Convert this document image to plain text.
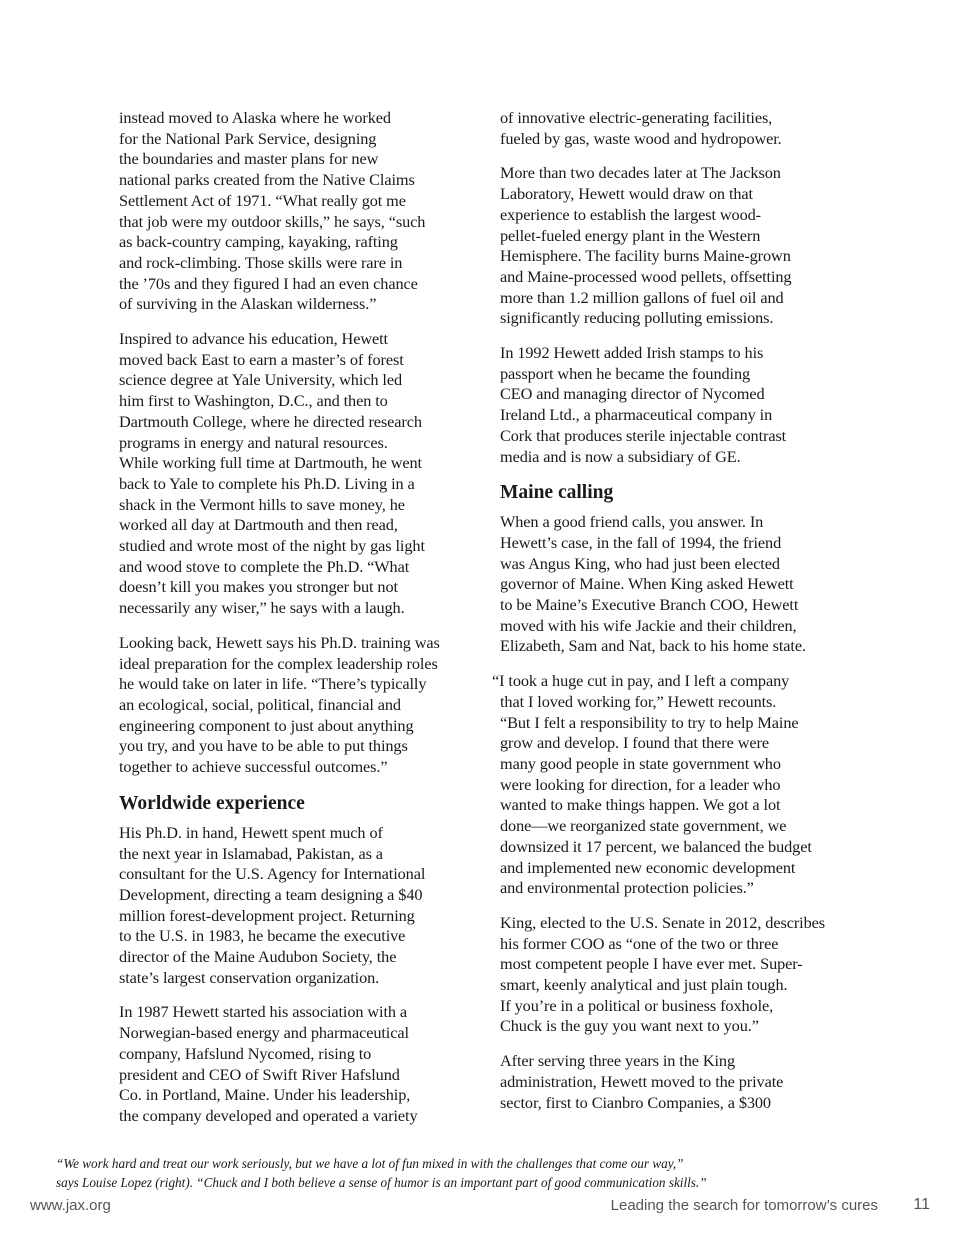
instead moved to Alaska where he worked
for the National Park Service, designing
the boundaries and master plans for new
national parks created from the Native Claims
Settlement Act of 1971. “What really got me
that job were my outdoor skills,” he says, “such
as back-country camping, kayaking, rafting
and rock-climbing. Those skills were rare in
the ’70s and they figured I had an even chance
of surviving in the Alaskan wilderness.”

Inspired to advance his education, Hewett
moved back East to earn a master’s of forest
science degree at Yale University, which led
him first to Washington, D.C., and then to
Dartmouth College, where he directed research
programs in energy and natural resources.
While working full time at Dartmouth, he went
back to Yale to complete his Ph.D. Living in a
shack in the Vermont hills to save money, he
worked all day at Dartmouth and then read,
studied and wrote most of the night by gas light
and wood stove to complete the Ph.D. “What
doesn’t kill you makes you stronger but not
necessarily any wiser,” he says with a laugh.

Looking back, Hewett says his Ph.D. training was
ideal preparation for the complex leadership roles
he would take on later in life. “There’s typically
an ecological, social, political, financial and
engineering component to just about anything
you try, and you have to be able to put things
together to achieve successful outcomes.”

Worldwide experience

His Ph.D. in hand, Hewett spent much of
the next year in Islamabad, Pakistan, as a
consultant for the U.S. Agency for International
Development, directing a team designing a $40
million forest-development project. Returning
to the U.S. in 1983, he became the executive
director of the Maine Audubon Society, the
state’s largest conservation organization.

In 1987 Hewett started his association with a
Norwegian-based energy and pharmaceutical
company, Hafslund Nycomed, rising to
president and CEO of Swift River Hafslund
Co. in Portland, Maine. Under his leadership,
the company developed and operated a variety

of innovative electric-generating facilities,
fueled by gas, waste wood and hydropower.

More than two decades later at The Jackson
Laboratory, Hewett would draw on that
experience to establish the largest wood-
pellet-fueled energy plant in the Western
Hemisphere. The facility burns Maine-grown
and Maine-processed wood pellets, offsetting
more than 1.2 million gallons of fuel oil and
significantly reducing polluting emissions.

In 1992 Hewett added Irish stamps to his
passport when he became the founding
CEO and managing director of Nycomed
Ireland Ltd., a pharmaceutical company in
Cork that produces sterile injectable contrast
media and is now a subsidiary of GE.

Maine calling

When a good friend calls, you answer. In
Hewett’s case, in the fall of 1994, the friend
was Angus King, who had just been elected
governor of Maine. When King asked Hewett
to be Maine’s Executive Branch COO, Hewett
moved with his wife Jackie and their children,
Elizabeth, Sam and Nat, back to his home state.

“I took a huge cut in pay, and I left a company
that I loved working for,” Hewett recounts.
“But I felt a responsibility to try to help Maine
grow and develop. I found that there were
many good people in state government who
were looking for direction, for a leader who
wanted to make things happen. We got a lot
done—we reorganized state government, we
downsized it 17 percent, we balanced the budget
and implemented new economic development
and environmental protection policies.”

King, elected to the U.S. Senate in 2012, describes
his former COO as “one of the two or three
most competent people I have ever met. Super-
smart, keenly analytical and just plain tough.
If you’re in a political or business foxhole,
Chuck is the guy you want next to you.”

After serving three years in the King
administration, Hewett moved to the private
sector, first to Cianbro Companies, a $300

“We work hard and treat our work seriously, but we have a lot of fun mixed in with the challenges that come our way,”
says Louise Lopez (right). “Chuck and I both believe a sense of humor is an important part of good communication skills.”
www.jax.org	Leading the search for tomorrow’s cures 11
